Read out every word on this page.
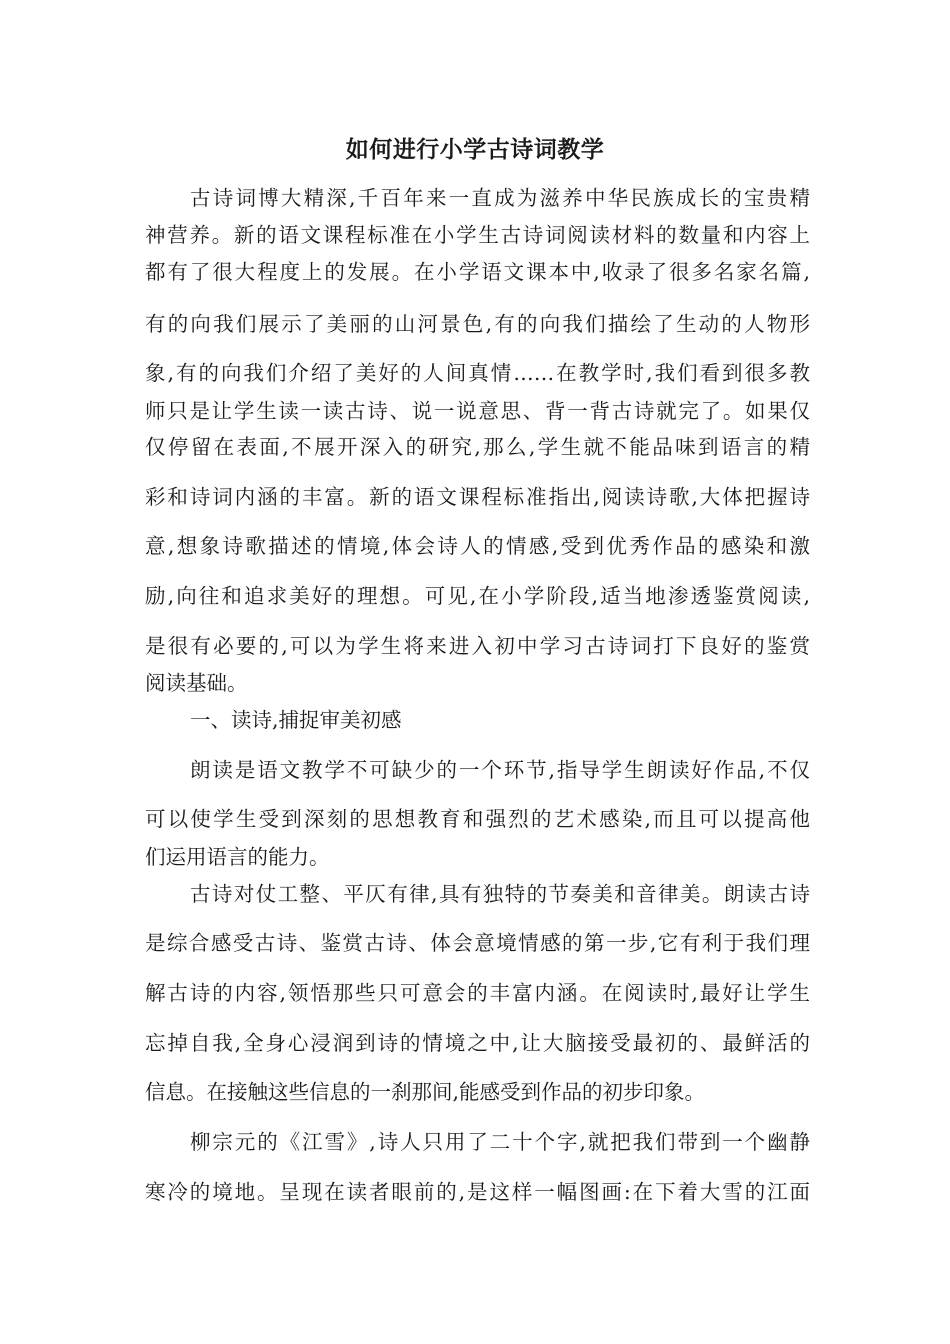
如何进行小学古诗词教学
古诗词博大精深,千百年来一直成为滋养中华民族成长的宝贵精
神营养。新的语文课程标准在小学生古诗词阅读材料的数量和内容上
都有了很大程度上的发展。在小学语文课本中,收录了很多名家名篇,
有的向我们展示了美丽的山河景色,有的向我们描绘了生动的人物形
象,有的向我们介绍了美好的人间真情……在教学时,我们看到很多教
师只是让学生读一读古诗、说一说意思、背一背古诗就完了。如果仅
仅停留在表面,不展开深入的研究,那么,学生就不能品味到语言的精
彩和诗词内涵的丰富。新的语文课程标准指出,阅读诗歌,大体把握诗
意,想象诗歌描述的情境,体会诗人的情感,受到优秀作品的感染和激
励,向往和追求美好的理想。可见,在小学阶段,适当地渗透鉴赏阅读,
是很有必要的,可以为学生将来进入初中学习古诗词打下良好的鉴赏
阅读基础。
一、读诗,捕捉审美初感
朗读是语文教学不可缺少的一个环节,指导学生朗读好作品,不仅
可以使学生受到深刻的思想教育和强烈的艺术感染,而且可以提高他
们运用语言的能力。
古诗对仗工整、平仄有律,具有独特的节奏美和音律美。朗读古诗
是综合感受古诗、鉴赏古诗、体会意境情感的第一步,它有利于我们理
解古诗的内容,领悟那些只可意会的丰富内涵。在阅读时,最好让学生
忘掉自我,全身心浸润到诗的情境之中,让大脑接受最初的、最鲜活的
信息。在接触这些信息的一刹那间,能感受到作品的初步印象。
柳宗元的《江雪》,诗人只用了二十个字,就把我们带到一个幽静
寒冷的境地。呈现在读者眼前的,是这样一幅图画:在下着大雪的江面
